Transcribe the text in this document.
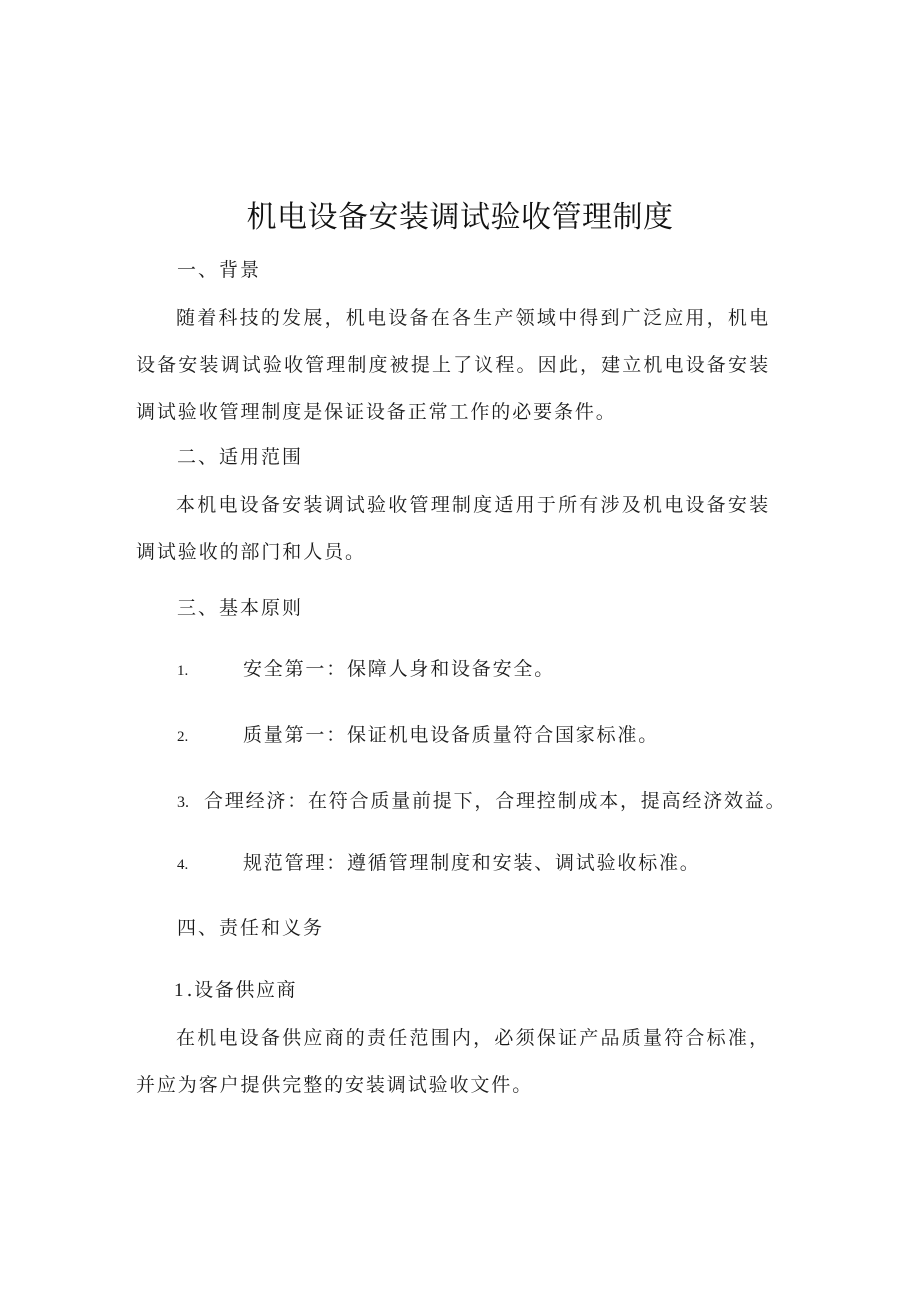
机电设备安装调试验收管理制度
一、背景
随着科技的发展，机电设备在各生产领域中得到广泛应用，机电设备安装调试验收管理制度被提上了议程。因此，建立机电设备安装调试验收管理制度是保证设备正常工作的必要条件。
二、适用范围
本机电设备安装调试验收管理制度适用于所有涉及机电设备安装调试验收的部门和人员。
三、基本原则
1.	安全第一：保障人身和设备安全。
2.	质量第一：保证机电设备质量符合国家标准。
3. 合理经济：在符合质量前提下，合理控制成本，提高经济效益。
4.	规范管理：遵循管理制度和安装、调试验收标准。
四、责任和义务
1.设备供应商
在机电设备供应商的责任范围内，必须保证产品质量符合标准，并应为客户提供完整的安装调试验收文件。
